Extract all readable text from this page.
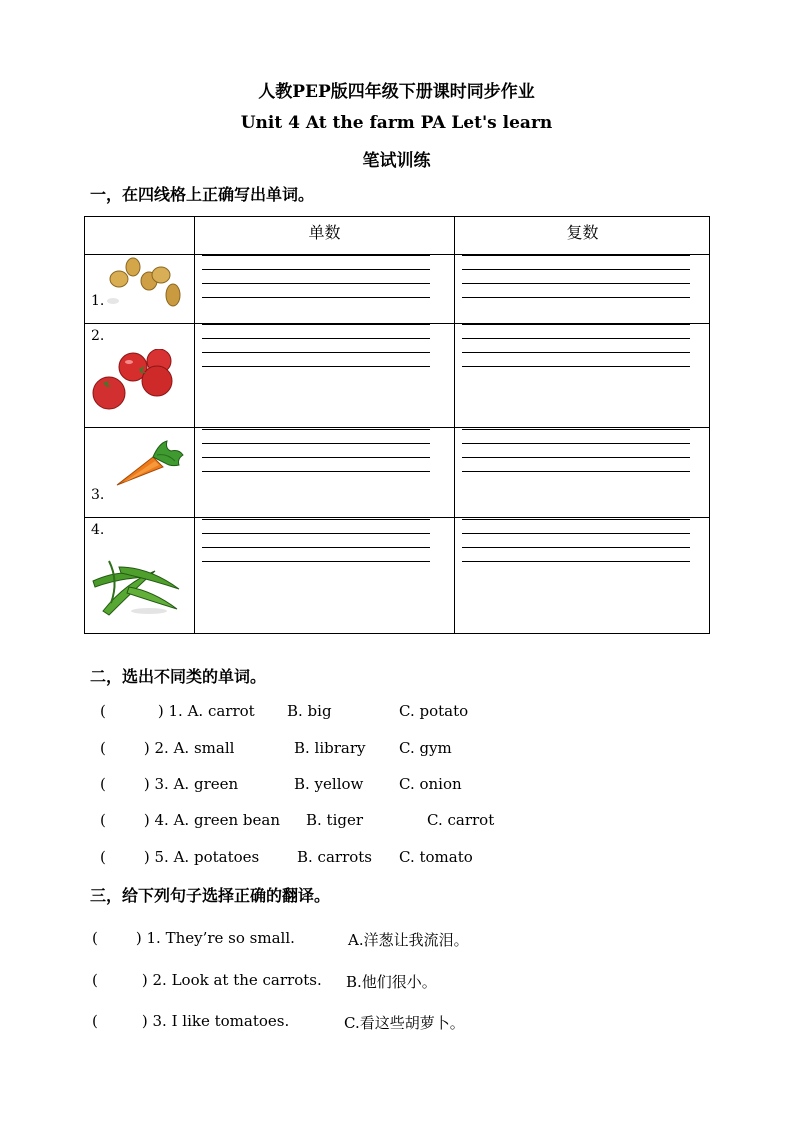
人教PEP版四年级下册课时同步作业
Unit 4 At the farm PA Let's learn
笔试训练
一，在四线格上正确写出单词。
单数	复数
1.
2.
3.
4.
二，选出不同类的单词。
(	) 1. A. carrot B. big	C. potato
(	) 2. A. small	B. library C. gym
(	) 3. A. green	B. yellow C. onion
(	) 4. A. green bean B. tiger	C. carrot
(	) 5. A. potatoes	B. carrots C. tomato
三，给下列句子选择正确的翻译。
(	) 1. They’re so small.	A.洋葱让我流泪。
(	) 2. Look at the carrots. B.他们很小。
(	) 3. I like tomatoes.	C.看这些胡萝卜。
